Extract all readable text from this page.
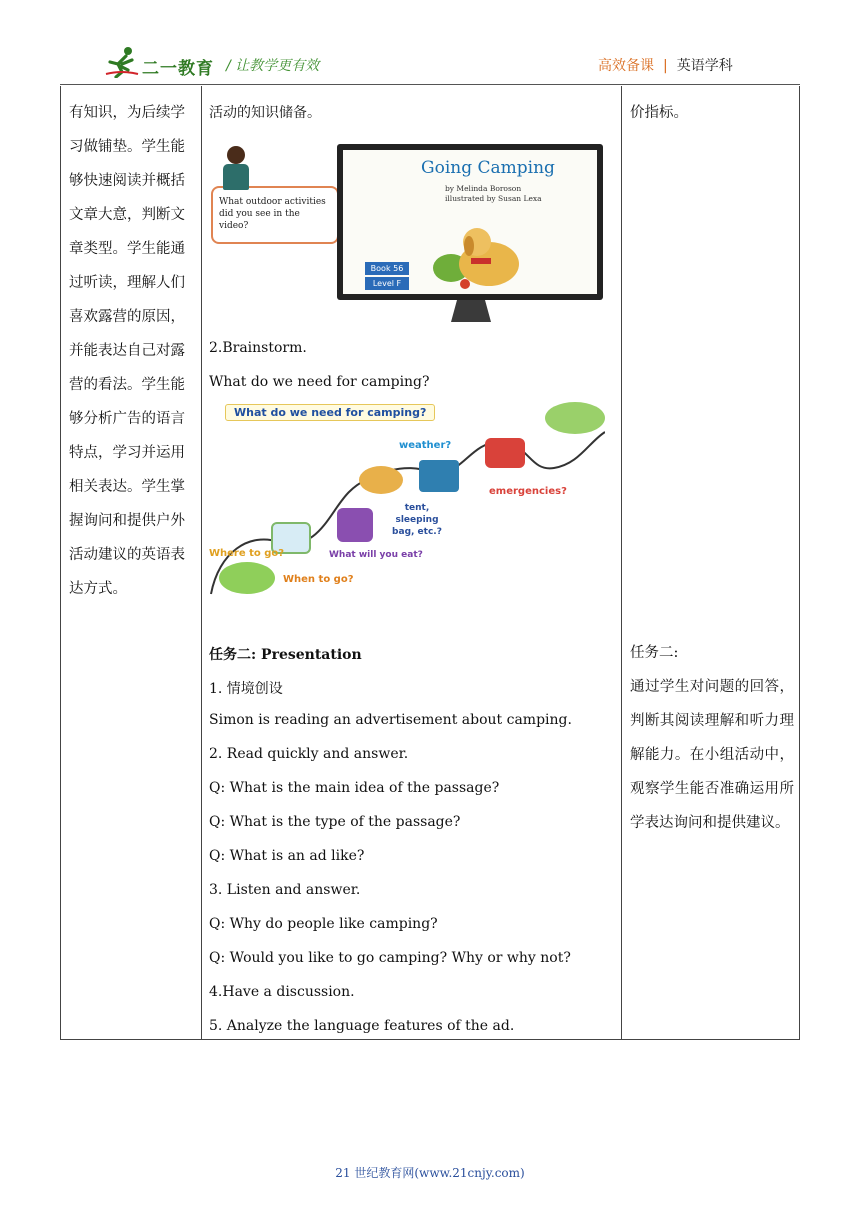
二一教育 / 让教学更有效	高效备课 | 英语学科
有知识，为后续学习做铺垫。学生能够快速阅读并概括文章大意，判断文章类型。学生能通过听读，理解人们喜欢露营的原因，并能表达自己对露营的看法。学生能够分析广告的语言特点，学习并运用相关表达。学生掌握询问和提供户外活动建议的英语表达方式。
活动的知识储备。
What outdoor activities did you see in the video?
Going Camping
by Melinda Boroson
illustrated by Susan Lexa
Book 56
Level F
2.Brainstorm.
What do we need for camping?
What do we need for camping?
weather?
emergencies?
tent, sleeping bag, etc.?
What will you eat?
Where to go?
When to go?
任务二: Presentation
1. 情境创设
Simon is reading an advertisement about camping.
2. Read quickly and answer.
Q: What is the main idea of the passage?
Q: What is the type of the passage?
Q: What is an ad like?
3. Listen and answer.
Q: Why do people like camping?
Q: Would you like to go camping? Why or why not?
4.Have a discussion.
5. Analyze the language features of the ad.
价指标。
任务二:
通过学生对问题的回答，判断其阅读理解和听力理解能力。在小组活动中，观察学生能否准确运用所学表达询问和提供建议。
21 世纪教育网(www.21cnjy.com)
